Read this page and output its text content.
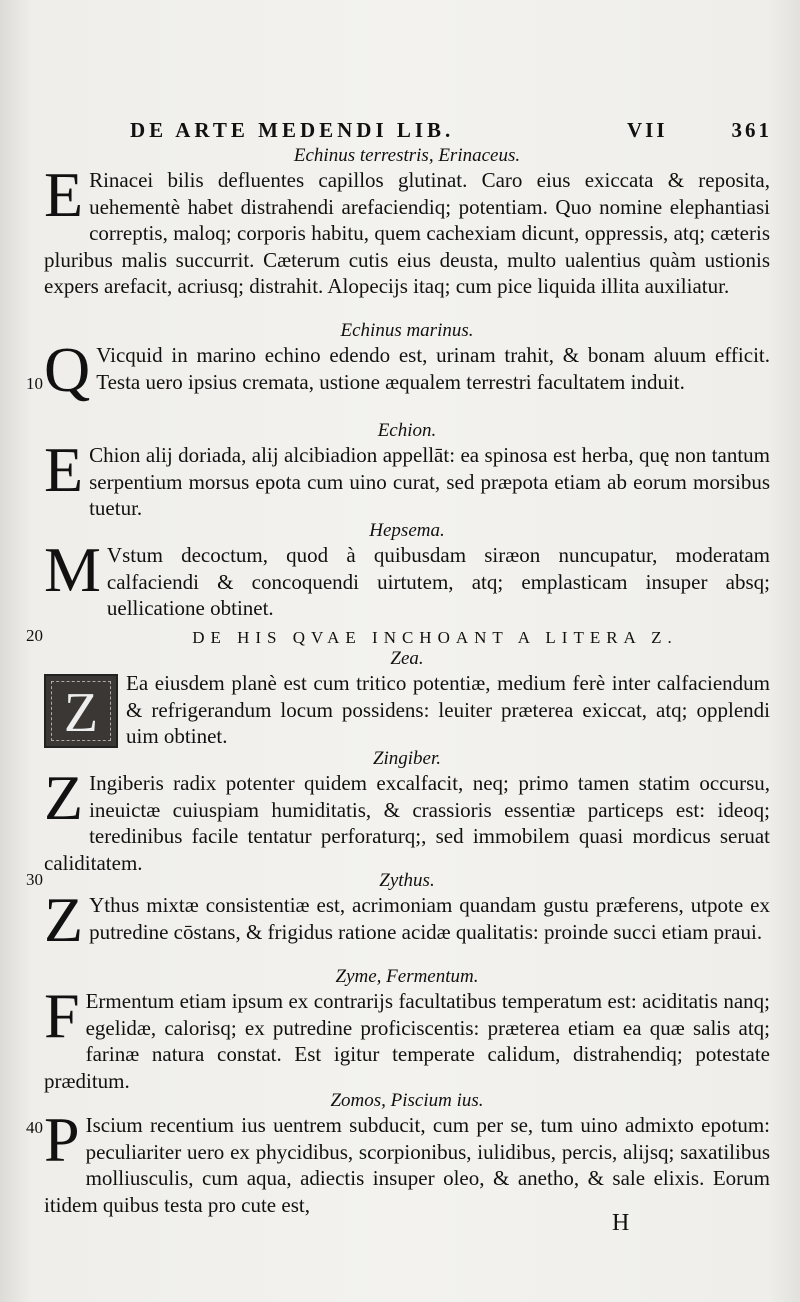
DE ARTE MEDENDI LIB.	VII	361
10
20
30
40
Echinus terrestris, Erinaceus.
E Rinacei bilis defluentes capillos glutinat. Caro eius exiccata & reposita, uehementè habet distrahendi arefaciendiq; potentiam. Quo nomine elephantiasi correptis, maloq; corporis habitu, quem cachexiam dicunt, oppressis, atq; cæteris pluribus malis succurrit. Cæterum cutis eius deusta, multo ualentius quàm ustionis expers arefacit, acriusq; distrahit. Alopecijs itaq; cum pice liquida illita auxiliatur.

Echinus marinus.
Q Vicquid in marino echino edendo est, urinam trahit, & bonam aluum efficit. Testa uero ipsius cremata, ustione æqualem terrestri facultatem induit.

Echion.
E Chion alij doriada, alij alcibiadion appellāt: ea spinosa est herba, quę non tantum serpentium morsus epota cum uino curat, sed præpota etiam ab eorum morsibus tuetur.

Hepsema.
M Vstum decoctum, quod à quibusdam siræon nuncupatur, moderatam calfaciendi & concoquendi uirtutem, atq; emplasticam insuper absq; uellicatione obtinet.

DE HIS QVAE INCHOANT A LITERA Z.
Zea.
Z	Ea eiusdem planè est cum tritico potentiæ, medium ferè inter calfaciendum & refrigerandum locum possidens: leuiter præterea exiccat, atq; opplendi uim obtinet.

Zingiber.
Z Ingiberis radix potenter quidem excalfacit, neq; primo tamen statim occursu, ineuictæ cuiuspiam humiditatis, & crassioris essentiæ particeps est: ideoq; teredinibus facile tentatur perforaturq;, sed immobilem quasi mordicus seruat caliditatem.

Zythus.
Z Ythus mixtæ consistentiæ est, acrimoniam quandam gustu præferens, utpote ex putredine cōstans, & frigidus ratione acidæ qualitatis: proinde succi etiam praui.

Zyme, Fermentum.
F Ermentum etiam ipsum ex contrarijs facultatibus temperatum est: aciditatis nanq; egelidæ, calorisq; ex putredine proficiscentis: præterea etiam ea quæ salis atq; farinæ natura constat. Est igitur temperate calidum, distrahendiq; potestate præditum.

Zomos, Piscium ius.
P Iscium recentium ius uentrem subducit, cum per se, tum uino admixto epotum: peculiariter uero ex phycidibus, scorpionibus, iulidibus, percis, alijsq; saxatilibus molliusculis, cum aqua, adiectis insuper oleo, & anetho, & sale elixis. Eorum itidem quibus testa pro cute est,

H
